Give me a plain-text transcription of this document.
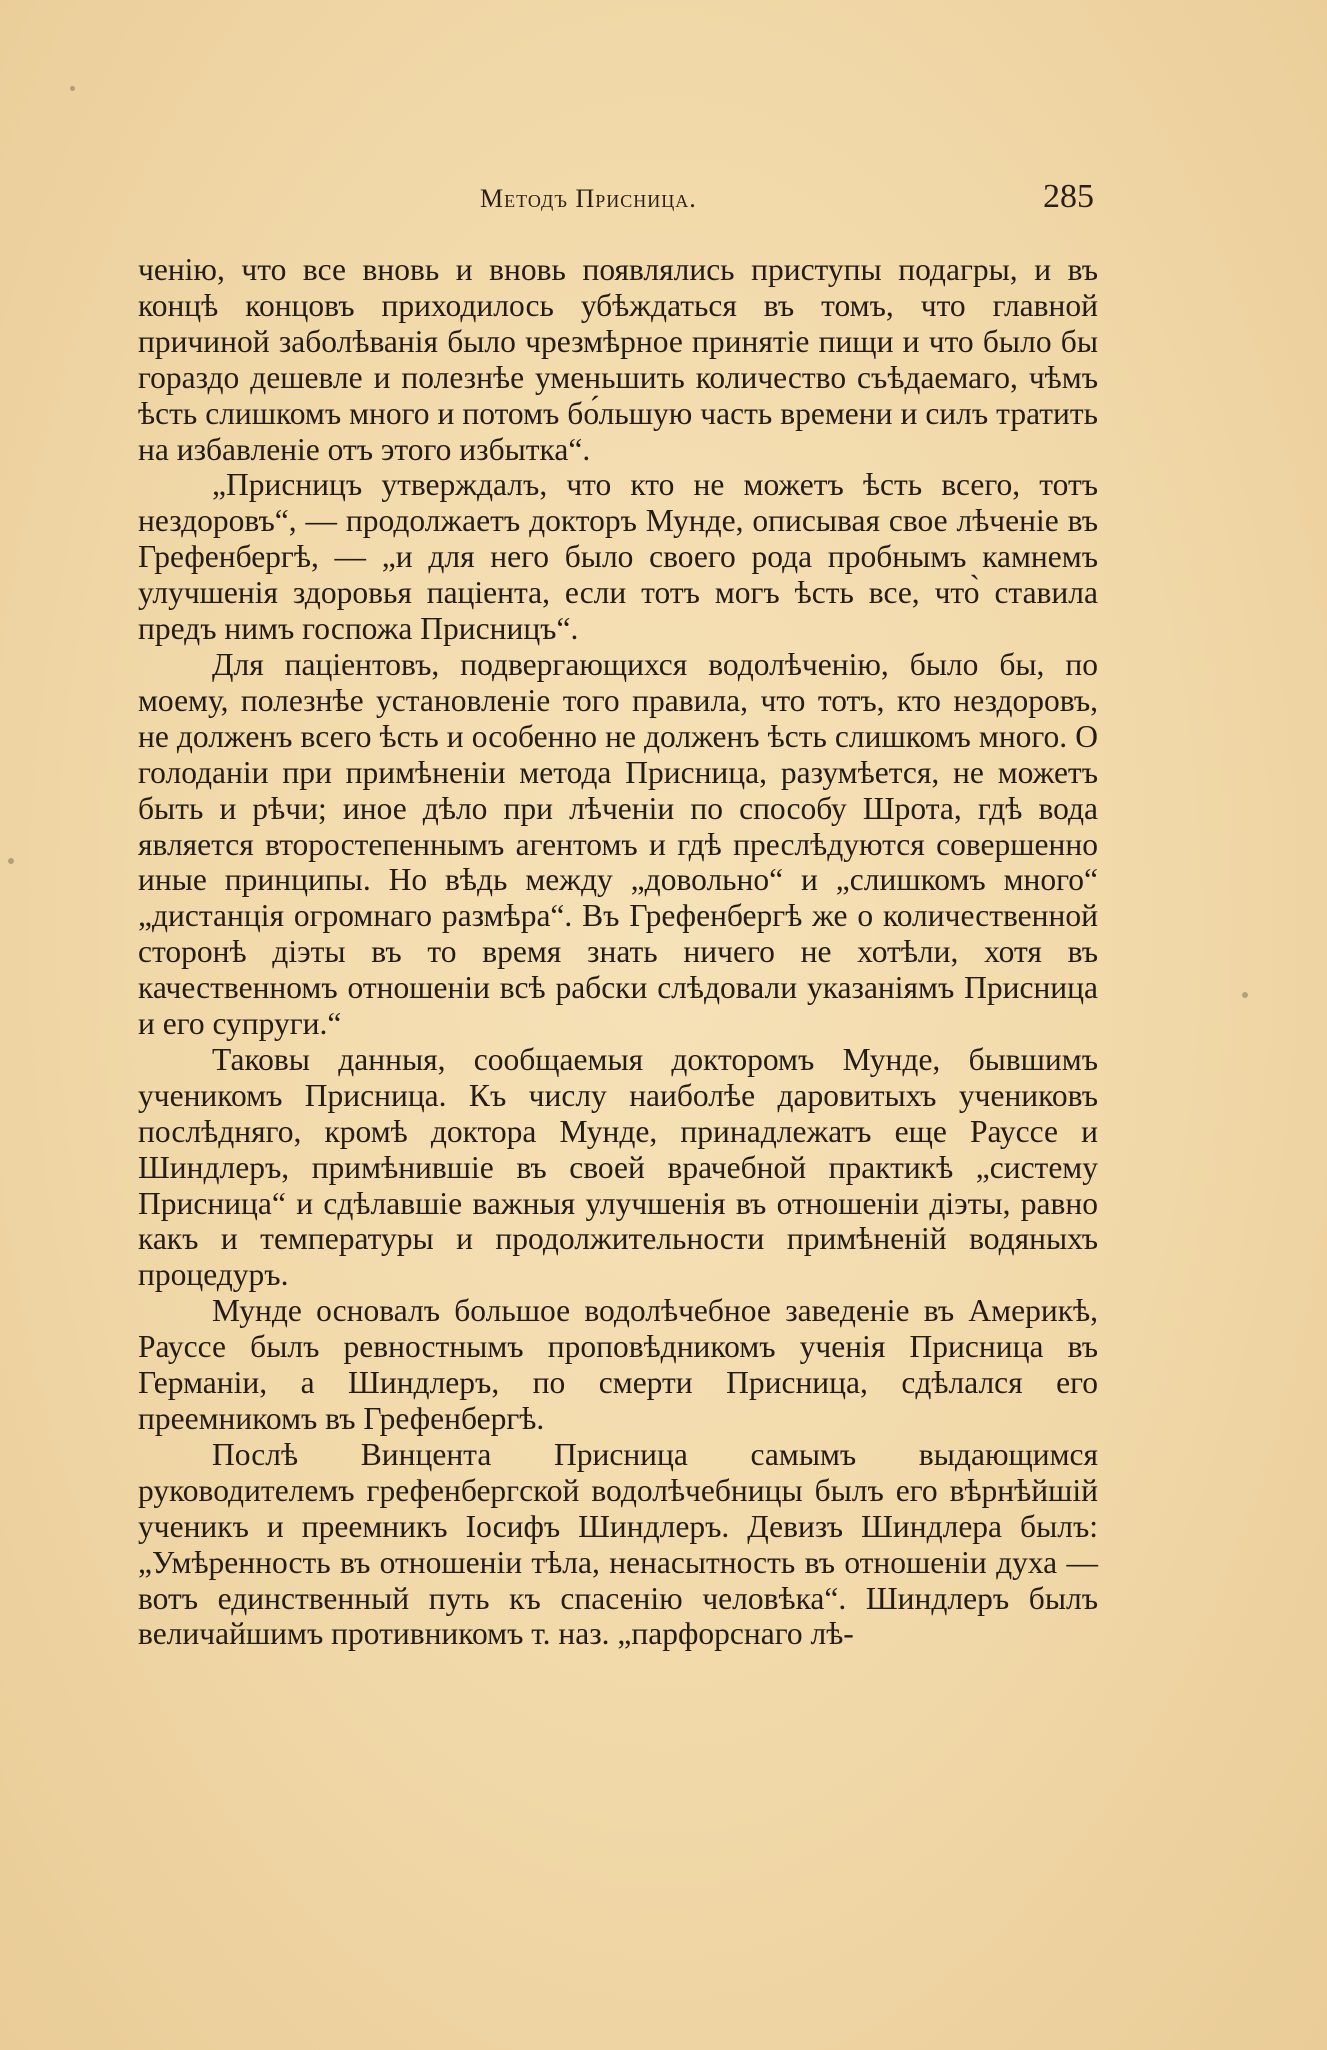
Методъ Присница.	285

ченію, что все вновь и вновь появлялись приступы подагры, и въ концѣ концовъ приходилось убѣждаться въ томъ, что главной причиной заболѣванія было чрезмѣрное принятіе пищи и что было бы гораздо дешевле и полезнѣе уменьшить количество съѣдаемаго, чѣмъ ѣсть слишкомъ много и потомъ бо́льшую часть времени и силъ тратить на избавленіе отъ этого избытка“.

„Присницъ утверждалъ, что кто не можетъ ѣсть всего, тотъ нездоровъ“, — продолжаетъ докторъ Мунде, описывая свое лѣченіе въ Грефенбергѣ, — „и для него было своего рода пробнымъ камнемъ улучшенія здоровья паціента, если тотъ могъ ѣсть все, что̀ ставила предъ нимъ госпожа Присницъ“.

Для паціентовъ, подвергающихся водолѣченію, было бы, по моему, полезнѣе установленіе того правила, что тотъ, кто нездоровъ, не долженъ всего ѣсть и особенно не долженъ ѣсть слишкомъ много. О голоданіи при примѣненіи метода Присница, разумѣется, не можетъ быть и рѣчи; иное дѣло при лѣченіи по способу Шрота, гдѣ вода является второстепеннымъ агентомъ и гдѣ преслѣдуются совершенно иные принципы. Но вѣдь между „довольно“ и „слишкомъ много“ „дистанція огромнаго размѣра“. Въ Грефенбергѣ же о количественной сторонѣ діэты въ то время знать ничего не хотѣли, хотя въ качественномъ отношеніи всѣ рабски слѣдовали указаніямъ Присница и его супруги.“

Таковы данныя, сообщаемыя докторомъ Мунде, бывшимъ ученикомъ Присница. Къ числу наиболѣе даровитыхъ учениковъ послѣдняго, кромѣ доктора Мунде, принадлежатъ еще Рауссе и Шиндлеръ, примѣнившіе въ своей врачебной практикѣ „систему Присница“ и сдѣлавшіе важныя улучшенія въ отношеніи діэты, равно какъ и температуры и продолжительности примѣненій водяныхъ процедуръ.

Мунде основалъ большое водолѣчебное заведеніе въ Америкѣ, Рауссе былъ ревностнымъ проповѣдникомъ ученія Присница въ Германіи, а Шиндлеръ, по смерти Присница, сдѣлался его преемникомъ въ Грефенбергѣ.

Послѣ Винцента Присница самымъ выдающимся руководителемъ грефенбергской водолѣчебницы былъ его вѣрнѣйшій ученикъ и преемникъ Іосифъ Шиндлеръ. Девизъ Шиндлера былъ: „Умѣренность въ отношеніи тѣла, ненасытность въ отношеніи духа — вотъ единственный путь къ спасенію человѣка“. Шиндлеръ былъ величайшимъ противникомъ т. наз. „парфорснаго лѣ-
